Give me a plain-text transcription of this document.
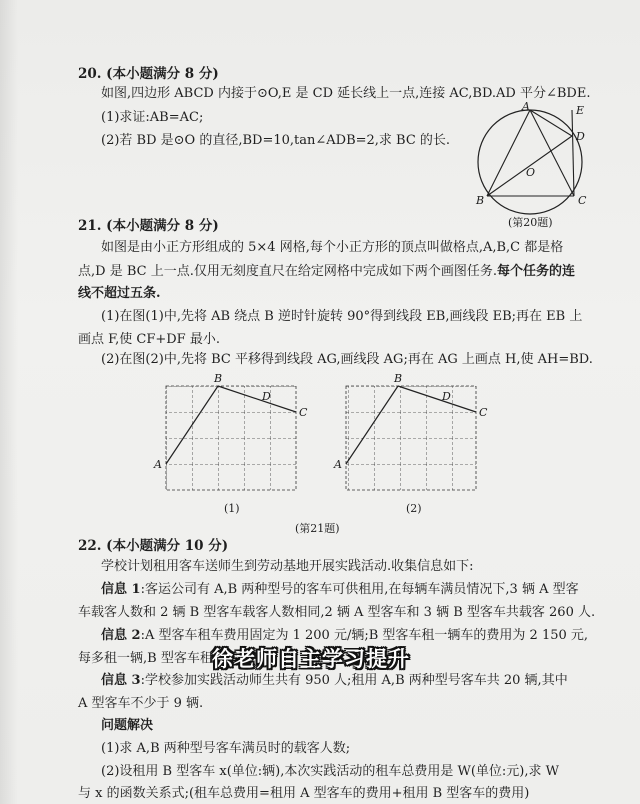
20. (本小题满分 8 分)
如图,四边形 ABCD 内接于⊙O,E 是 CD 延长线上一点,连接 AC,BD.AD 平分∠BDE.
(1)求证:AB=AC;
(2)若 BD 是⊙O 的直径,BD=10,tan∠ADB=2,求 BC 的长.
A
B	C
D
E
O
(第20题)
21. (本小题满分 8 分)
如图是由小正方形组成的 5×4 网格,每个小正方形的顶点叫做格点,A,B,C 都是格
点,D 是 BC 上一点.仅用无刻度直尺在给定网格中完成如下两个画图任务.每个任务的连
线不超过五条.
(1)在图(1)中,先将 AB 绕点 B 逆时针旋转 90°得到线段 EB,画线段 EB;再在 EB 上
画点 F,使 CF+DF 最小.
(2)在图(2)中,先将 BC 平移得到线段 AG,画线段 AG;再在 AG 上画点 H,使 AH=BD.
A
B
C
D
(1)
A
B
C
D
(2)
(第21题)
22. (本小题满分 10 分)
学校计划租用客车送师生到劳动基地开展实践活动.收集信息如下:
信息 1:客运公司有 A,B 两种型号的客车可供租用,在每辆车满员情况下,3 辆 A 型客
车载客人数和 2 辆 B 型客车载客人数相同,2 辆 A 型客车和 3 辆 B 型客车共载客 260 人.
信息 2:A 型客车租车费用固定为 1 200 元/辆;B 型客车租一辆车的费用为 2 150 元,
每多租一辆,B 型客车租车单
信息 3:学校参加实践活动师生共有 950 人;租用 A,B 两种型号客车共 20 辆,其中
A 型客车不少于 9 辆.
问题解决
(1)求 A,B 两种型号客车满员时的载客人数;
(2)设租用 B 型客车 x(单位:辆),本次实践活动的租车总费用是 W(单位:元),求 W
与 x 的函数关系式;(租车总费用=租用 A 型客车的费用+租用 B 型客车的费用)
徐老师自主学习提升
